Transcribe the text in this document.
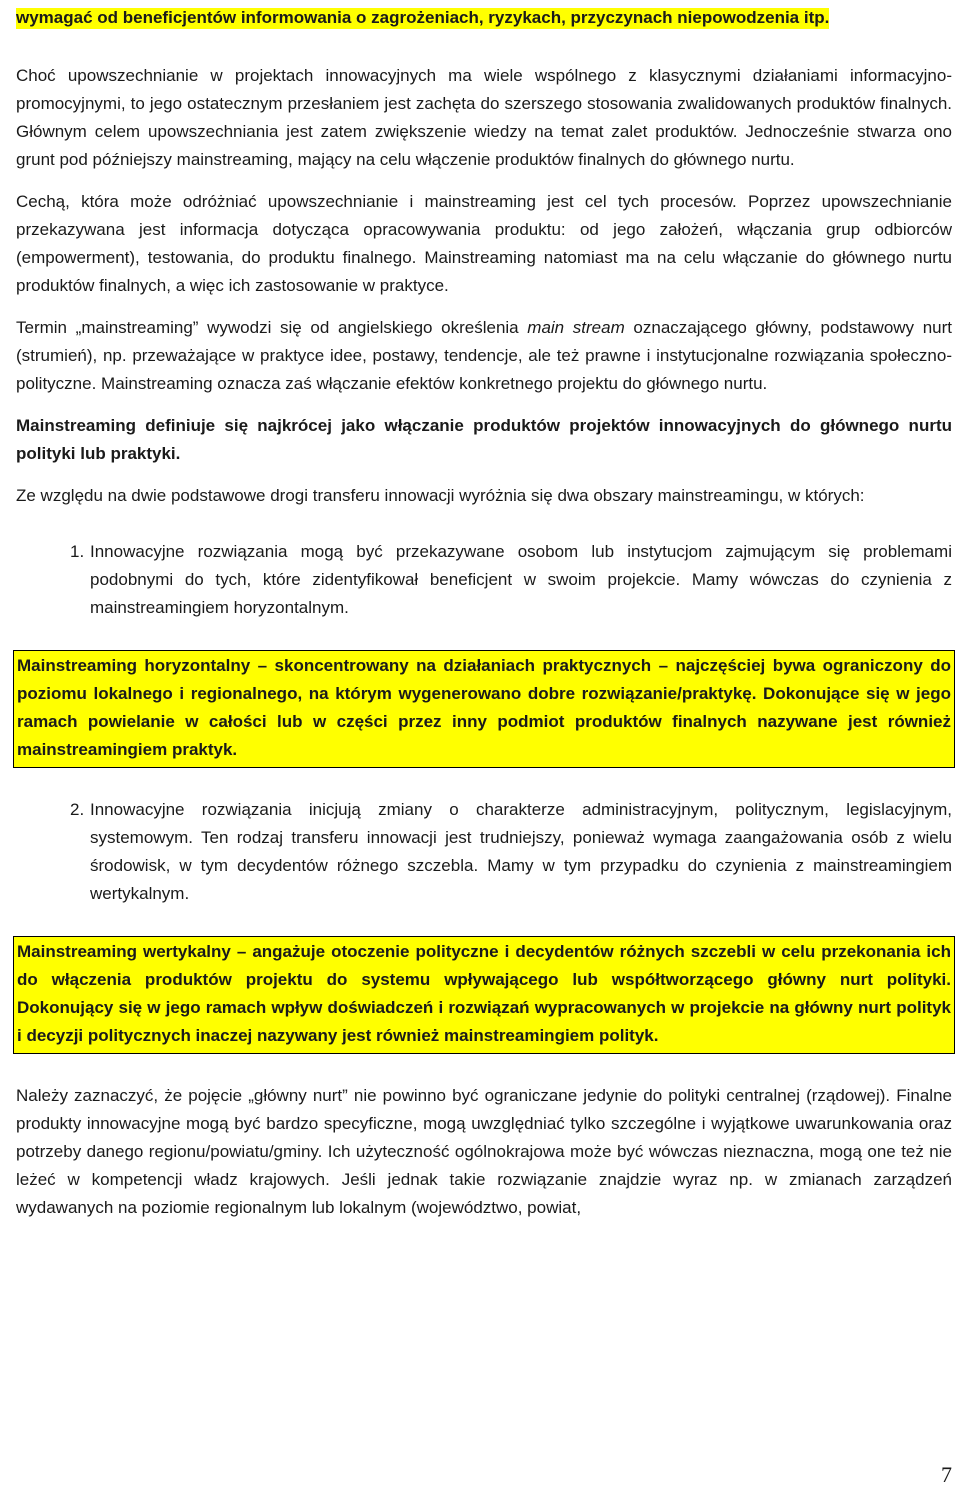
wymagać od beneficjentów informowania o zagrożeniach, ryzykach, przyczynach niepowodzenia itp.

Choć upowszechnianie w projektach innowacyjnych ma wiele wspólnego z klasycznymi działaniami informacyjno-promocyjnymi, to jego ostatecznym przesłaniem jest zachęta do szerszego stosowania zwalidowanych produktów finalnych. Głównym celem upowszechniania jest zatem zwiększenie wiedzy na temat zalet produktów. Jednocześnie stwarza ono grunt pod późniejszy mainstreaming, mający na celu włączenie produktów finalnych do głównego nurtu.

Cechą, która może odróżniać upowszechnianie i mainstreaming jest cel tych procesów. Poprzez upowszechnianie przekazywana jest informacja dotycząca opracowywania produktu: od jego założeń, włączania grup odbiorców (empowerment), testowania, do produktu finalnego. Mainstreaming natomiast ma na celu włączanie do głównego nurtu produktów finalnych, a więc ich zastosowanie w praktyce.

Termin „mainstreaming” wywodzi się od angielskiego określenia main stream oznaczającego główny, podstawowy nurt (strumień), np. przeważające w praktyce idee, postawy, tendencje, ale też prawne i instytucjonalne rozwiązania społeczno-polityczne. Mainstreaming oznacza zaś włączanie efektów konkretnego projektu do głównego nurtu.

Mainstreaming definiuje się najkrócej jako włączanie produktów projektów innowacyjnych do głównego nurtu polityki lub praktyki.

Ze względu na dwie podstawowe drogi transferu innowacji wyróżnia się dwa obszary mainstreamingu, w których:

1. Innowacyjne rozwiązania mogą być przekazywane osobom lub instytucjom zajmującym się problemami podobnymi do tych, które zidentyfikował beneficjent w swoim projekcie. Mamy wówczas do czynienia z mainstreamingiem horyzontalnym.
Mainstreaming horyzontalny – skoncentrowany na działaniach praktycznych – najczęściej bywa ograniczony do poziomu lokalnego i regionalnego, na którym wygenerowano dobre rozwiązanie/praktykę. Dokonujące się w jego ramach powielanie w całości lub w części przez inny podmiot produktów finalnych nazywane jest również mainstreamingiem praktyk.
2. Innowacyjne rozwiązania inicjują zmiany o charakterze administracyjnym, politycznym, legislacyjnym, systemowym. Ten rodzaj transferu innowacji jest trudniejszy, ponieważ wymaga zaangażowania osób z wielu środowisk, w tym decydentów różnego szczebla. Mamy w tym przypadku do czynienia z mainstreamingiem wertykalnym.
Mainstreaming wertykalny – angażuje otoczenie polityczne i decydentów różnych szczebli w celu przekonania ich do włączenia produktów projektu do systemu wpływającego lub współtworzącego główny nurt polityki. Dokonujący się w jego ramach wpływ doświadczeń i rozwiązań wypracowanych w projekcie na główny nurt polityk i decyzji politycznych inaczej nazywany jest również mainstreamingiem polityk.

Należy zaznaczyć, że pojęcie „główny nurt” nie powinno być ograniczane jedynie do polityki centralnej (rządowej). Finalne produkty innowacyjne mogą być bardzo specyficzne, mogą uwzględniać tylko szczególne i wyjątkowe uwarunkowania oraz potrzeby danego regionu/powiatu/gminy. Ich użyteczność ogólnokrajowa może być wówczas nieznaczna, mogą one też nie leżeć w kompetencji władz krajowych. Jeśli jednak takie rozwiązanie znajdzie wyraz np. w zmianach zarządzeń wydawanych na poziomie regionalnym lub lokalnym (województwo, powiat,

7
